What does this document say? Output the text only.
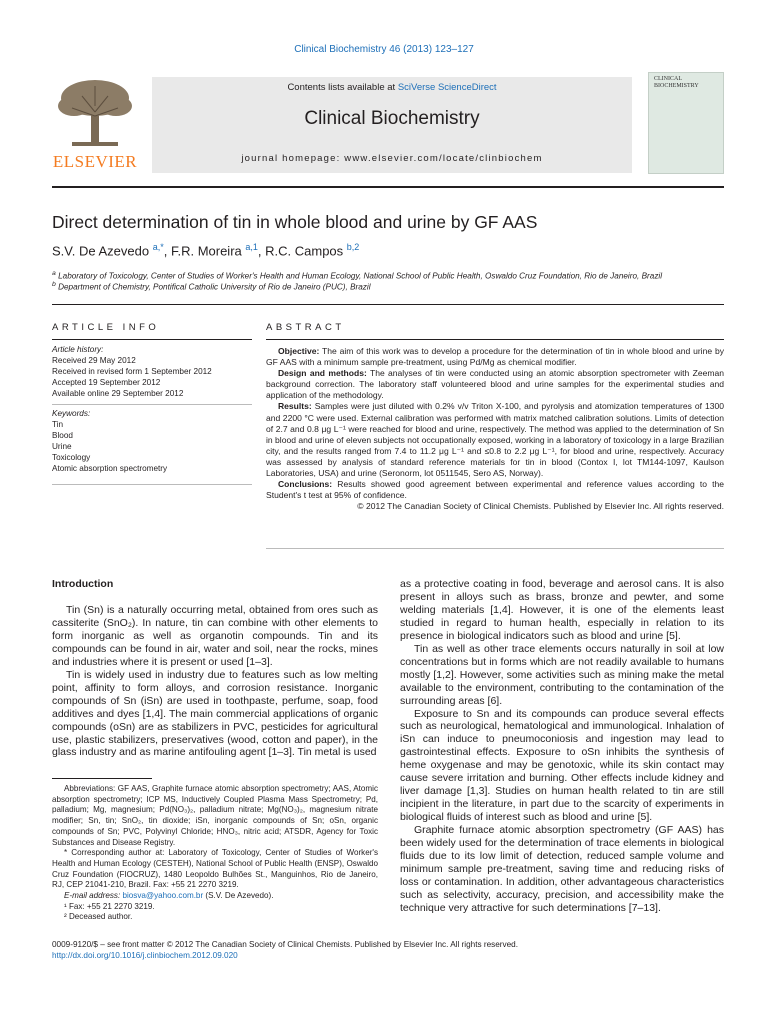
Clinical Biochemistry 46 (2013) 123–127
ELSEVIER
Contents lists available at SciVerse ScienceDirect
Clinical Biochemistry
journal homepage: www.elsevier.com/locate/clinbiochem
CLINICAL BIOCHEMISTRY
Direct determination of tin in whole blood and urine by GF AAS
S.V. De Azevedo $^{a,*}$, F.R. Moreira $^{a,1}$, R.C. Campos $^{b,2}$
$^a$ Laboratory of Toxicology, Center of Studies of Worker's Health and Human Ecology, National School of Public Health, Oswaldo Cruz Foundation, Rio de Janeiro, Brazil
$^b$ Department of Chemistry, Pontifical Catholic University of Rio de Janeiro (PUC), Brazil
ARTICLE INFO
Article history:
Received 29 May 2012
Received in revised form 1 September 2012
Accepted 19 September 2012
Available online 29 September 2012
Keywords:
Tin
Blood
Urine
Toxicology
Atomic absorption spectrometry
ABSTRACT

Objective: The aim of this work was to develop a procedure for the determination of tin in whole blood and urine by GF AAS with a minimum sample pre-treatment, using Pd/Mg as chemical modifier.

Design and methods: The analyses of tin were conducted using an atomic absorption spectrometer with Zeeman background correction. The laboratory staff volunteered blood and urine samples for the experimental studies and application of the methodology.

Results: Samples were just diluted with 0.2% v/v Triton X-100, and pyrolysis and atomization temperatures of 1300 and 2200 °C were used. External calibration was performed with matrix matched calibration solutions. Limits of detection of 2.7 and 0.8 μg L⁻¹ were reached for blood and urine, respectively. The method was applied to the determination of Sn in blood and urine of eleven subjects not occupationally exposed, working in a laboratory of toxicology in a large Brazilian city, and the results ranged from 7.4 to 11.2 μg L⁻¹ and ≤0.8 to 2.2 μg L⁻¹, for blood and urine, respectively. Accuracy was assessed by analysis of standard reference materials for tin in blood (Contox I, lot TM144-1097, Kaulson Laboratories, USA) and urine (Seronorm, lot 0511545, Sero AS, Norway).

Conclusions: Results showed good agreement between experimental and reference values according to the Student's t test at 95% of confidence.

© 2012 The Canadian Society of Clinical Chemists. Published by Elsevier Inc. All rights reserved.

Introduction

Tin (Sn) is a naturally occurring metal, obtained from ores such as cassiterite (SnO₂). In nature, tin can combine with other elements to form inorganic as well as organotin compounds. Tin and its compounds can be found in air, water and soil, near the rocks, mines and industries where it is present or used [1–3].

Tin is widely used in industry due to features such as low melting point, affinity to form alloys, and corrosion resistance. Inorganic compounds of Sn (iSn) are used in toothpaste, perfume, soap, food additives and dyes [1,4]. The main commercial applications of organic compounds (oSn) are as stabilizers in PVC, pesticides for agricultural use, plastic stabilizers, preservatives (wood, cotton and paper), in the glass industry and as marine antifouling agent [1–3]. Tin metal is used

as a protective coating in food, beverage and aerosol cans. It is also present in alloys such as brass, bronze and pewter, and some welding materials [1,4]. However, it is one of the elements least studied in regard to human health, especially in relation to its presence in biological indicators such as blood and urine [5].

Tin as well as other trace elements occurs naturally in soil at low concentrations but in forms which are not readily available to humans mostly [1,2]. However, some activities such as mining make the metal available to the environment, contributing to the contamination of the surrounding areas [6].

Exposure to Sn and its compounds can produce several effects such as neurological, hematological and immunological. Inhalation of iSn can induce to pneumoconiosis and ingestion may lead to gastrointestinal effects. Exposure to oSn inhibits the synthesis of heme oxygenase and may be genotoxic, while its skin contact may cause severe irritation and burning. Other effects include kidney and liver damage [1,3]. Studies on human health related to tin are still incipient in the literature, in part due to the scarcity of experiments in biological fluids of interest such as blood and urine [5].

Graphite furnace atomic absorption spectrometry (GF AAS) has been widely used for the determination of trace elements in biological fluids due to its low limit of detection, reduced sample volume and minimum sample pre-treatment, saving time and reducing risks of loss or contamination. In addition, other advantageous characteristics such as selectivity, accuracy, precision, and accessibility make the technique very attractive for such determinations [7–13].

Abbreviations: GF AAS, Graphite furnace atomic absorption spectrometry; AAS, Atomic absorption spectrometry; ICP MS, Inductively Coupled Plasma Mass Spectrometry; Pd, palladium; Mg, magnesium; Pd(NO₃)₂, palladium nitrate; Mg(NO₃)₂, magnesium nitrate modifier; Sn, tin; SnO₂, tin dioxide; iSn, inorganic compounds of Sn; oSn, organic compounds of Sn; PVC, Polyvinyl Chloride; HNO₃, nitric acid; ATSDR, Agency for Toxic Substances and Disease Registry.

* Corresponding author at: Laboratory of Toxicology, Center of Studies of Worker's Health and Human Ecology (CESTEH), National School of Public Health (ENSP), Oswaldo Cruz Foundation (FIOCRUZ), 1480 Leopoldo Bulhões St., Manguinhos, Rio de Janeiro, RJ, CEP 21041-210, Brazil. Fax: +55 21 2270 3219.

E-mail address: biosva@yahoo.com.br (S.V. De Azevedo).

¹ Fax: +55 21 2270 3219.

² Deceased author.

0009-9120/$ – see front matter © 2012 The Canadian Society of Clinical Chemists. Published by Elsevier Inc. All rights reserved.
http://dx.doi.org/10.1016/j.clinbiochem.2012.09.020
